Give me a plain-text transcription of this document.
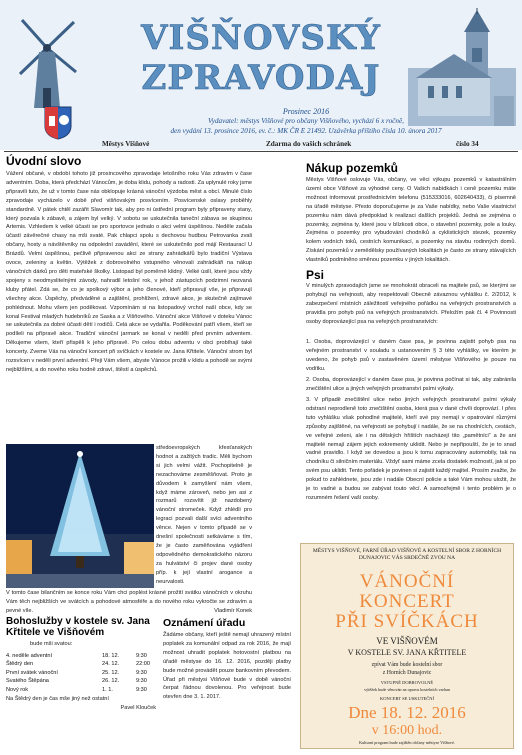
VIŠŇOVSKÝ
ZPRAVODAJ
Prosinec 2016
Vydavatel: městys Višňové pro občany Višňového, vychází 6 x ročně,
den vydání 13. prosince 2016, ev. č.: MK ČR E 21492. Uzávěrka příštího čísla 10. února 2017
Městys Višňové	Zdarma do vašich schránek	číslo 34
Úvodní slovo
Vážení občané, v období tohoto již prosincového zpravodaje letošního roku Vás zdravím v čase adventním. Doba, která předchází Vánocům, je doba klidu, pohody a radosti. Za uplynulé roky jsme připravili tuto, že už v tomto čase nás obklopuje krásná vánoční výzdoba měst a obcí. Minulé číslo zpravodaje vycházelo v době před višňovským posvícením. Posvícenské oslavy proběhly standardně. V pátek chtěl zazářit Slavomír tak, aby pro ni ústřední program byly připraveny stany, který pozvala k zábavě, a zájem byl velký. V sobotu se uskutečnila taneční zábava se skupinou Artemis. Vzhledem k velké účasti se pro sportovce jednalo o akci velmi úspěšnou. Neděle začala účastí závěrečné chasy na mši svaté. Pak chlapci spolu s dechovou hudbou Petrovanka zvali občany, hosty a návštěvníky na odpolední zavádění, které se uskutečnilo pod májí Restaurací U Brázdů. Velmi úspěšnou, pečlivě připravenou akci ze strany zahrádkářů bylo tradiční Výstava ovoce, zeleniny a květin. Výtěžek z dobrovolného vstupného věnovali zahrádkáři na nákup vánočních dárků pro děti mateřské školky. Listopad byl poměrně klidný. Velké úsilí, které jsou vždy spojeny s neodmyslitelnými závody, nahradil letošní rok, v jehož zástupcích podzimní nezvaná kluby přátel. Zdá se, že co je spolkový výbor a jeho členové, kteří připravují vše, je připravují všechny akce. Úspěchy, předváděné a zajištění, prohlížení, zdravé akce, je skutečně zajímavé pohlédnout. Mohu všem jen poděkovat. Vzpomínám si na listopadový vrchol naší obce, kdy se konal Festival mladých hudebníků ze Saska a z Višňového. Vánoční akce Višňové v doteku Vánoc se uskutečnila za dobré účasti dětí i rodičů. Celá akce se vydařila. Poděkování patří všem, kteří se podíleli na přípravě akce. Tradiční vánoční jarmark se konal v neděli před prvním adventem. Děkujeme všem, kteří přispěli k jeho přípravě. Po celou dobu adventu v obci probíhají také koncerty. Zveme Vás na vánoční koncert při svíčkách v kostele sv. Jana Křtitele. Vánoční strom byl rozsvícen v neděli první adventní. Přeji Vám všem, abyste Vánoce prožili v klidu a pohodě se svými nejbližšími, a do nového roku hodně zdraví, štěstí a úspěchů.
středoevropských křesťanských hodnot a zažitých tradic. Měli bychom si jich velmi vážit. Pochopitelně je nezachováme zesměšňovat. Proto je důvodem k zamyšlení nám všem, když máme zároveň, nebo jen asi z rozmarů rozsvítit již nazdobený vánoční stromeček. Když zhlédli pro legraci pozvali další svíci adventního věnce. Nejen v tomto případě se v dnešní společnosti setkáváme s tím, že je často zaměňována vyjádření odpovědného demokratického názoru za hulvátství či projev dané osoby příp. k její vlastní arogance a neurvalosti.
V tomto čase bilančním se konce roku Vám chci poplést krásné prožití svátku vánočních v okruhu Vám těch nejbližších ve svátcích a pohodové atmosféře a do nového roku vykročte se zdravím a pevné víle.	Vladimír Konek
Bohoslužby v kostele sv. Jana Křtitele ve Višňovém
bude mši svatou:
4. neděle adventní	18. 12.	9:30
Štědrý den	24. 12.	22:00
První svátek vánoční	25. 12.	9:30
Svatého Štěpána	26. 12.	9:30
Nový rok	1. 1.	9:30
Na Štědrý den je čas mše jiný než ostatní
Pavel Klouček
Oznámení úřadu
Žádáme občany, kteří ještě nemají uhrazený místní poplatek za komunální odpad za rok 2016, že mají možnost uhradit poplatek hotovostní platbou na úřadě městyse do 16. 12. 2016, později platby bude možné provádět pouze bankovním převodem. Úřad při městysi Višňové bude v době vánoční čerpat řádnou dovolenou. Pro veřejnost bude otevřen dne 3. 1. 2017.
Nákup pozemků
Městys Višňové oslovuje Vás, občany, ve věci výkupu pozemků v katastrálním území obce Višňové za výhodné ceny. O Vašich nabídkách i ceně pozemku máte možnost informovat prostřednictvím telefonu (515333016, 602640433), či písemně na úřadě městyse. Přesto doporučujeme je za Vaše nabídky, nebo Vaše vlastnictví pozemku nám dává předpoklad k realizaci dalších projektů. Jedná se zejména o pozemky, zejména ty, které jsou v blízkosti obce, o stavební pozemky, pole a louky. Zejména o pozemky pro vybudování chodníků a cyklistických stezek, pozemky kolem vodních toků, cestních komunikací, a pozemky na stavbu rodinných domů. Získání pozemků v zemědělsky používaných lokalitách je často ze strany stávajících vlastníků podmíněno směnou pozemku v jiných lokalitách.
Psi
V minulých zpravodajích jsme se mnohokrát obraceli na majitele psů, se kterými se pohybují na veřejnosti, aby respektovali Obecně závaznou vyhlášku č. 2/2012, k zabezpečení místních záležitostí veřejného pořádku na veřejných prostranstvích a pravidla pro pohyb psů na veřejných prostranstvích. Přeložím pak čl. 4 Povinnosti osoby doprovázející psa na veřejných prostranstvích:
1. Osoba, doprovázející v daném čase psa, je povinna zajistit pohyb psa na veřejném prostranství v souladu s ustanovením § 3 této vyhlášky, ve kterém je uvedeno, že pohyb psů v zastavěném území městyse Višňového je pouze na vodítku.
2. Osoba, doprovázející v daném čase psa, je povinna počínat si tak, aby zabránila znečištění ulice a jiných veřejných prostranství psími výkaly.
3. V případě znečištění ulice nebo jiných veřejných prostranství psími výkaly odstraní neprodleně toto znečištění osoba, která psa v dané chvíli doprovází. I přes tuto vyhlášku však pohodlné majitelé, kteří své psy nemají v opatrování různými způsoby zajištěné, na veřejnosti se pohybují i nadále, že se na chodnících, cestách, ve veřejné zeleni, ale i na dětských hřištích nacházejí tito „pamětníci“ a že ani majitelé nemají zájem jejich exkrementy uklidit. Nebo je nepřipouští, že je to snad vadné pravidlo. I když se dovedou a jsou k tomu zapracovány automobily, tak na chodníku či silničním materiálu. Vždyť sami máme zcela dostatek možností, jak si po svém psu uklidit. Tento pořádek je povinen si zajistit každý majitel. Prosím zvažte, že pokud to zahlédnete, jsou zde i nadále Obecní policie a také Vám mohou uložit, že je to vadné a budou se zabývat touto věcí. A samozřejmě i tento problém je o rozumném řešení vaší osoby.
MĚSTYS VIŠŇOVÉ, FARNÍ ÚŘAD VIŠŇOVÉ A KOSTELNÍ SBOR Z HORNÍCH DUNAJOVIC VÁS SRDEČNĚ ZVOU NA
VÁNOČNÍ
KONCERT
PŘI SVÍČKÁCH
VE VIŠŇOVÉM
V KOSTELE SV. JANA KŘTITELE
zpívat Vám bude kostelní sbor
z Horních Dunajovic
VSTUPNÉ DOBROVOLNÉ
výtěžek bude věnován na opravu kostelních varhan
KONCERT SE USKUTEČNÍ
Dne 18. 12. 2016
v 16:00 hod.
Kulturní program bude zajištěn občany městyse Višňové.
